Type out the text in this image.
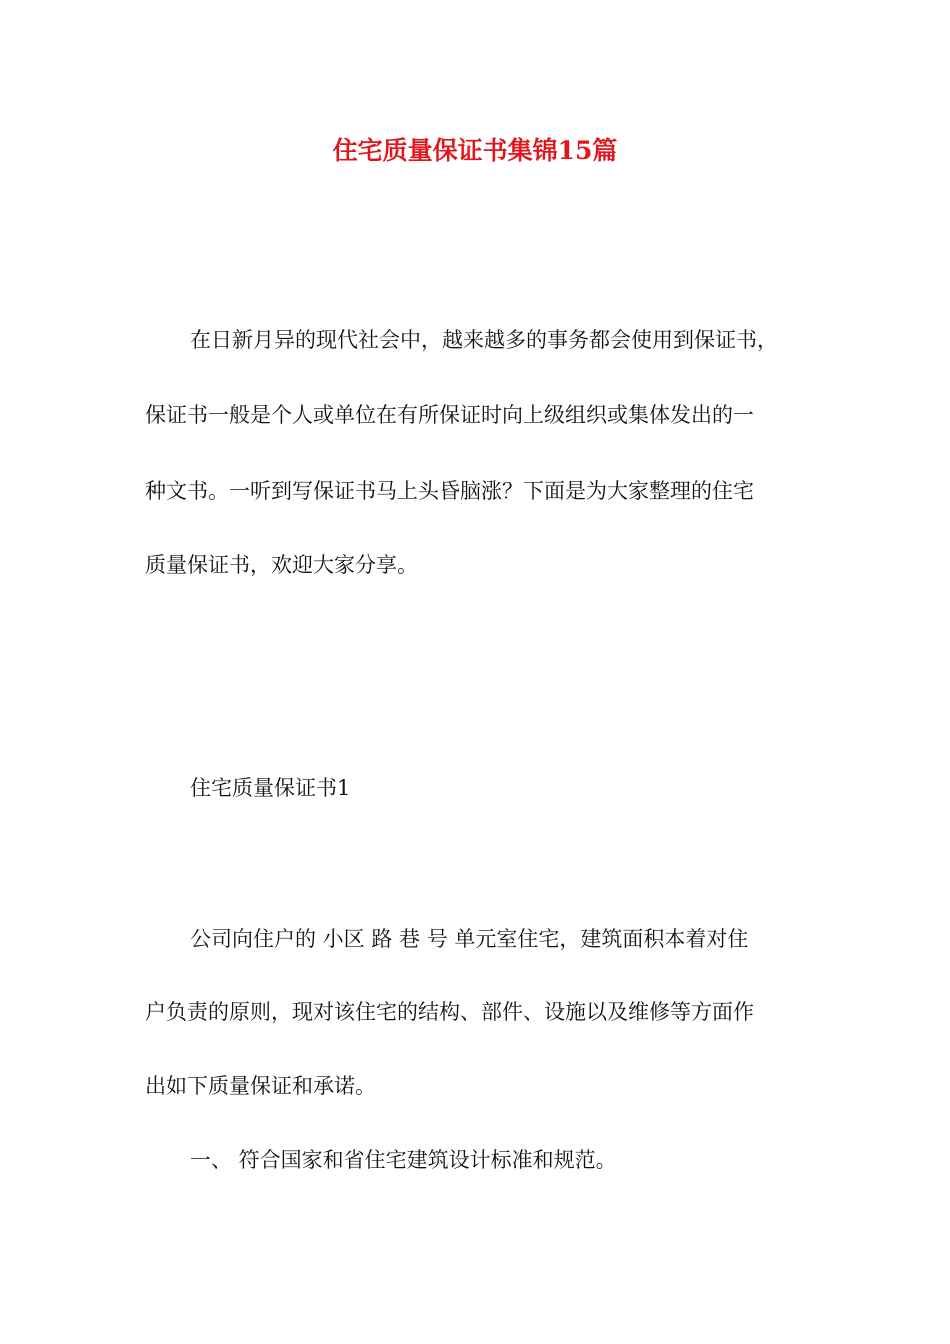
住宅质量保证书集锦15篇
在日新月异的现代社会中，越来越多的事务都会使用到保证书，
保证书一般是个人或单位在有所保证时向上级组织或集体发出的一
种文书。一听到写保证书马上头昏脑涨？下面是为大家整理的住宅
质量保证书，欢迎大家分享。
住宅质量保证书1
公司向住户的 小区 路 巷 号 单元室住宅，建筑面积本着对住
户负责的原则，现对该住宅的结构、部件、设施以及维修等方面作
出如下质量保证和承诺。
一、 符合国家和省住宅建筑设计标准和规范。
